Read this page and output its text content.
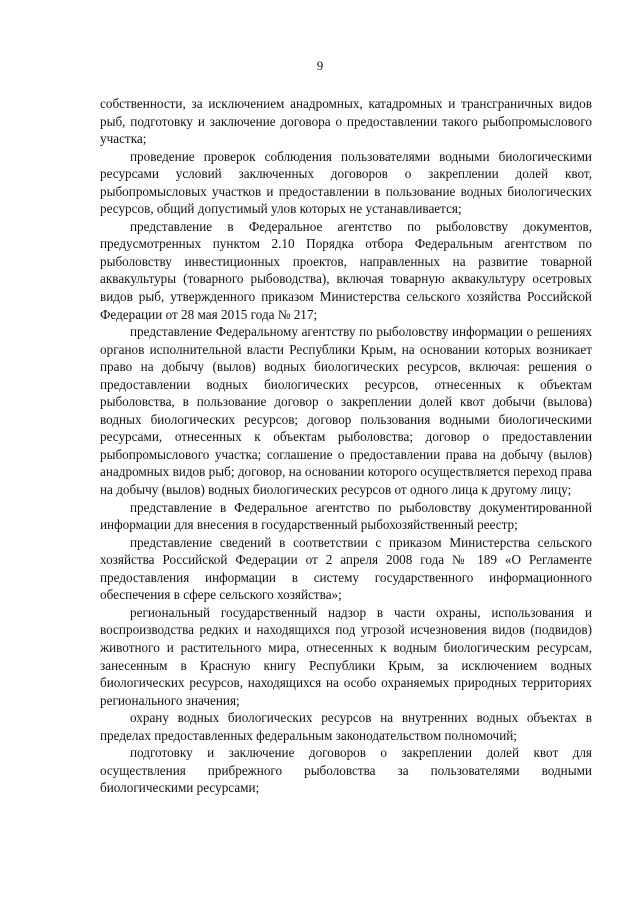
9

собственности, за исключением анадромных, катадромных и трансграничных видов рыб, подготовку и заключение договора о предоставлении такого рыбопромыслового участка;

проведение проверок соблюдения пользователями водными биологическими ресурсами условий заключенных договоров о закреплении долей квот, рыбопромысловых участков и предоставлении в пользование водных биологических ресурсов, общий допустимый улов которых не устанавливается;

представление в Федеральное агентство по рыболовству документов, предусмотренных пунктом 2.10 Порядка отбора Федеральным агентством по рыболовству инвестиционных проектов, направленных на развитие товарной аквакультуры (товарного рыбоводства), включая товарную аквакультуру осетровых видов рыб, утвержденного приказом Министерства сельского хозяйства Российской Федерации от 28 мая 2015 года № 217;

представление Федеральному агентству по рыболовству информации о решениях органов исполнительной власти Республики Крым, на основании которых возникает право на добычу (вылов) водных биологических ресурсов, включая: решения о предоставлении водных биологических ресурсов, отнесенных к объектам рыболовства, в пользование договор о закреплении долей квот добычи (вылова) водных биологических ресурсов; договор пользования водными биологическими ресурсами, отнесенных к объектам рыболовства; договор о предоставлении рыбопромыслового участка; соглашение о предоставлении права на добычу (вылов) анадромных видов рыб; договор, на основании которого осуществляется переход права на добычу (вылов) водных биологических ресурсов от одного лица к другому лицу;

представление в Федеральное агентство по рыболовству документированной информации для внесения в государственный рыбохозяйственный реестр;

представление сведений в соответствии с приказом Министерства сельского хозяйства Российской Федерации от 2 апреля 2008 года № 189 «О Регламенте предоставления информации в систему государственного информационного обеспечения в сфере сельского хозяйства»;

региональный государственный надзор в части охраны, использования и воспроизводства редких и находящихся под угрозой исчезновения видов (подвидов) животного и растительного мира, отнесенных к водным биологическим ресурсам, занесенным в Красную книгу Республики Крым, за исключением водных биологических ресурсов, находящихся на особо охраняемых природных территориях регионального значения;

охрану водных биологических ресурсов на внутренних водных объектах в пределах предоставленных федеральным законодательством полномочий;

подготовку и заключение договоров о закреплении долей квот для осуществления прибрежного рыболовства за пользователями водными биологическими ресурсами;
